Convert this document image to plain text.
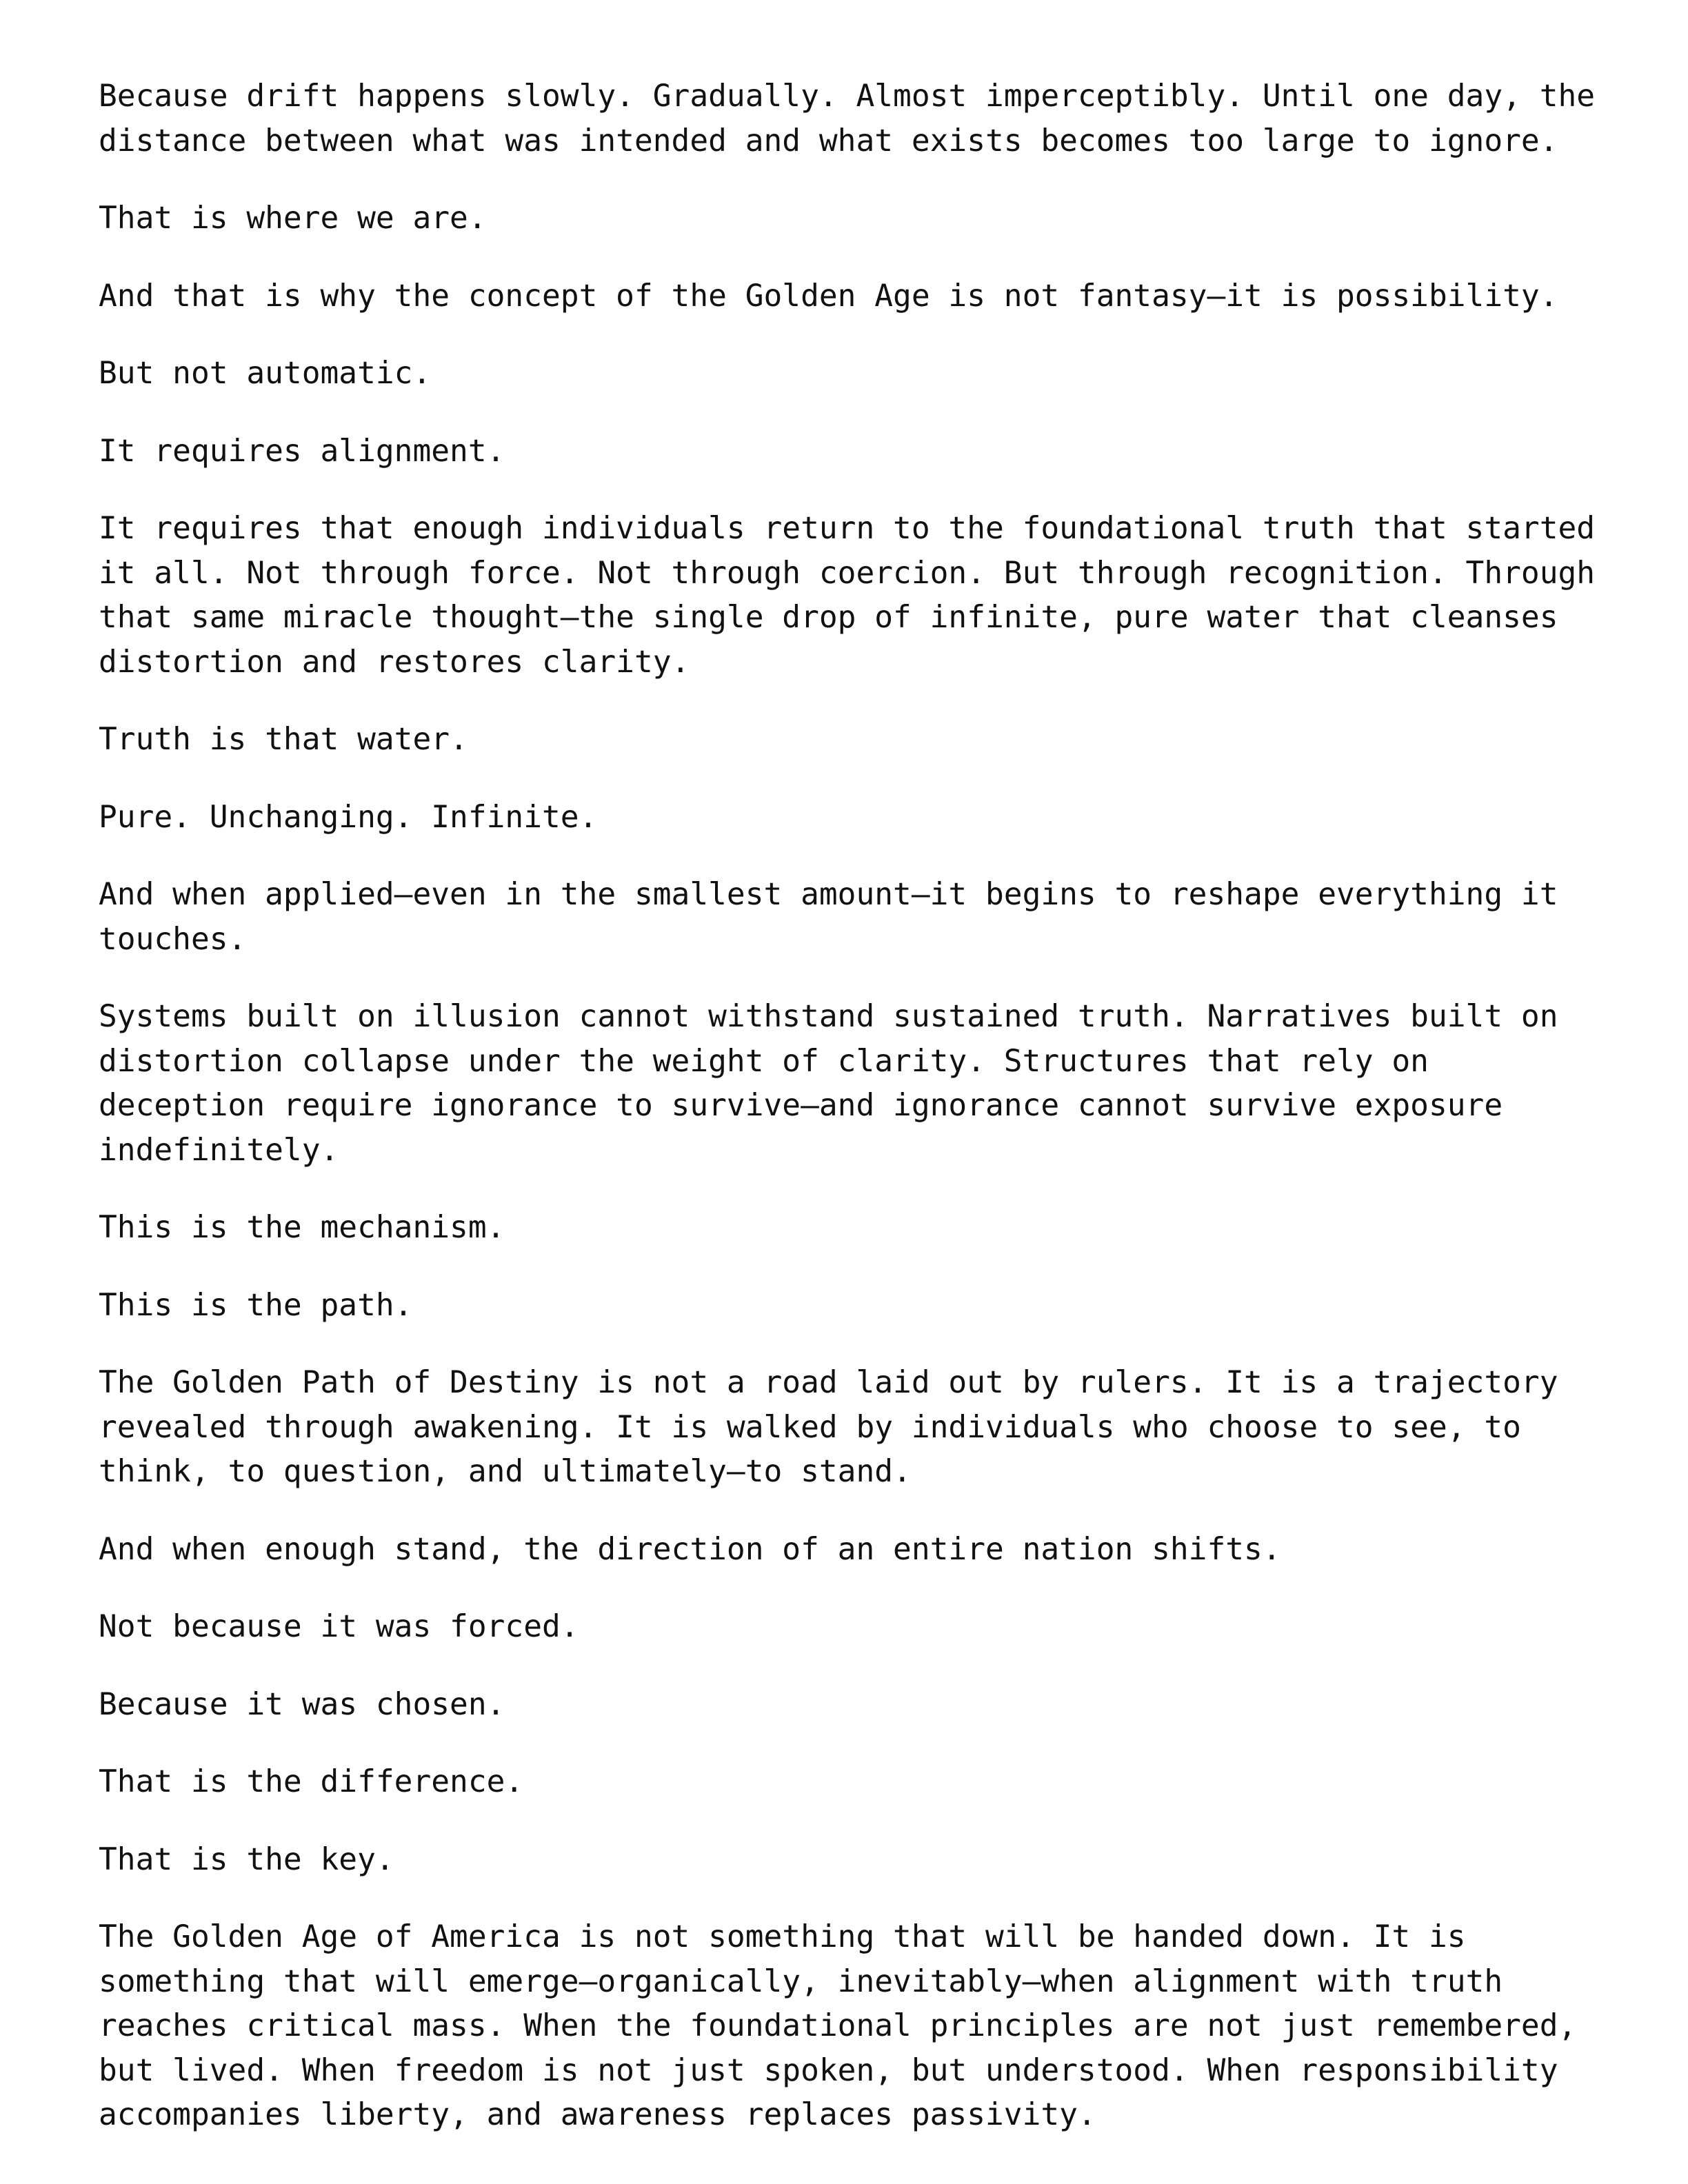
Because drift happens slowly. Gradually. Almost imperceptibly. Until one day, the
distance between what was intended and what exists becomes too large to ignore.
That is where we are.
And that is why the concept of the Golden Age is not fantasy—it is possibility.
But not automatic.
It requires alignment.
It requires that enough individuals return to the foundational truth that started
it all. Not through force. Not through coercion. But through recognition. Through
that same miracle thought—the single drop of infinite, pure water that cleanses
distortion and restores clarity.
Truth is that water.
Pure. Unchanging. Infinite.
And when applied—even in the smallest amount—it begins to reshape everything it
touches.
Systems built on illusion cannot withstand sustained truth. Narratives built on
distortion collapse under the weight of clarity. Structures that rely on
deception require ignorance to survive—and ignorance cannot survive exposure
indefinitely.
This is the mechanism.
This is the path.
The Golden Path of Destiny is not a road laid out by rulers. It is a trajectory
revealed through awakening. It is walked by individuals who choose to see, to
think, to question, and ultimately—to stand.
And when enough stand, the direction of an entire nation shifts.
Not because it was forced.
Because it was chosen.
That is the difference.
That is the key.
The Golden Age of America is not something that will be handed down. It is
something that will emerge—organically, inevitably—when alignment with truth
reaches critical mass. When the foundational principles are not just remembered,
but lived. When freedom is not just spoken, but understood. When responsibility
accompanies liberty, and awareness replaces passivity.
